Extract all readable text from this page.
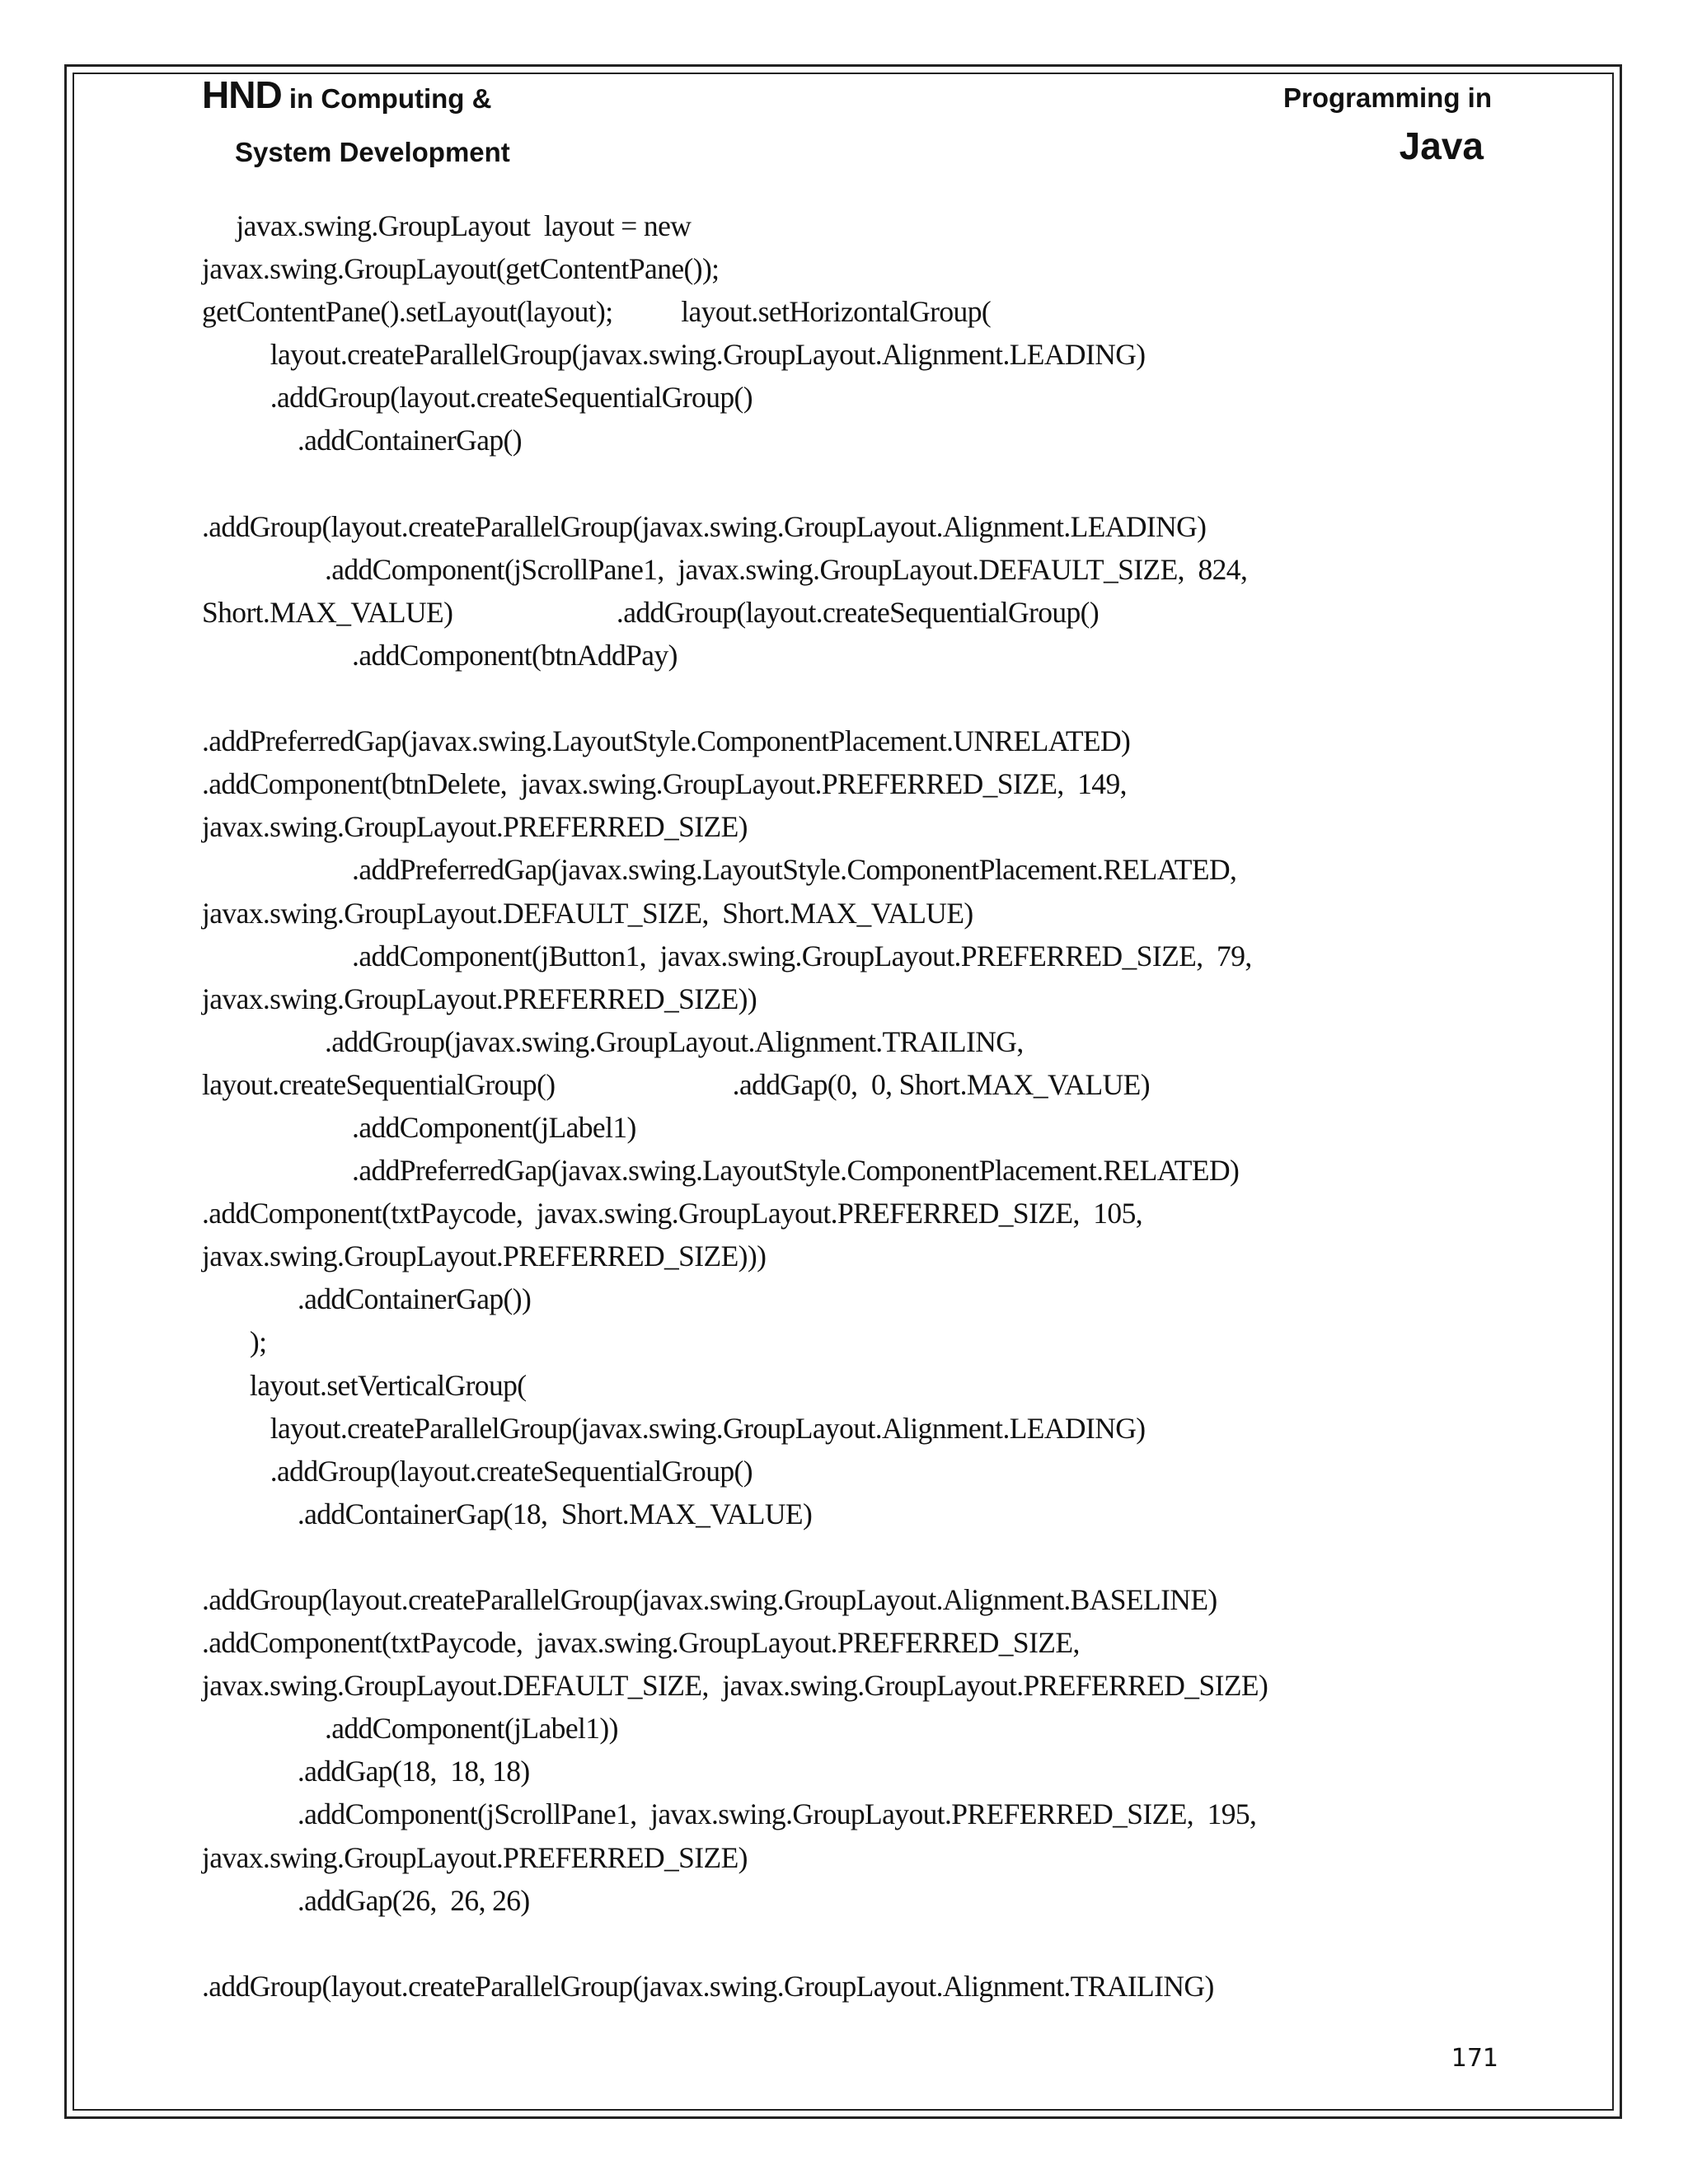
HND in Computing &
System Development
Programming in
Java
javax.swing.GroupLayout  layout = new
javax.swing.GroupLayout(getContentPane());
getContentPane().setLayout(layout);          layout.setHorizontalGroup(
layout.createParallelGroup(javax.swing.GroupLayout.Alignment.LEADING)
.addGroup(layout.createSequentialGroup()
.addContainerGap()
.addGroup(layout.createParallelGroup(javax.swing.GroupLayout.Alignment.LEADING)
.addComponent(jScrollPane1,  javax.swing.GroupLayout.DEFAULT_SIZE,  824,
Short.MAX_VALUE)                        .addGroup(layout.createSequentialGroup()
.addComponent(btnAddPay)
.addPreferredGap(javax.swing.LayoutStyle.ComponentPlacement.UNRELATED)
.addComponent(btnDelete,  javax.swing.GroupLayout.PREFERRED_SIZE,  149,
javax.swing.GroupLayout.PREFERRED_SIZE)
.addPreferredGap(javax.swing.LayoutStyle.ComponentPlacement.RELATED,
javax.swing.GroupLayout.DEFAULT_SIZE,  Short.MAX_VALUE)
.addComponent(jButton1,  javax.swing.GroupLayout.PREFERRED_SIZE,  79,
javax.swing.GroupLayout.PREFERRED_SIZE))
.addGroup(javax.swing.GroupLayout.Alignment.TRAILING,
layout.createSequentialGroup()                          .addGap(0,  0, Short.MAX_VALUE)
.addComponent(jLabel1)
.addPreferredGap(javax.swing.LayoutStyle.ComponentPlacement.RELATED)
.addComponent(txtPaycode,  javax.swing.GroupLayout.PREFERRED_SIZE,  105,
javax.swing.GroupLayout.PREFERRED_SIZE)))
.addContainerGap())
);
layout.setVerticalGroup(
layout.createParallelGroup(javax.swing.GroupLayout.Alignment.LEADING)
.addGroup(layout.createSequentialGroup()
.addContainerGap(18,  Short.MAX_VALUE)
.addGroup(layout.createParallelGroup(javax.swing.GroupLayout.Alignment.BASELINE)
.addComponent(txtPaycode,  javax.swing.GroupLayout.PREFERRED_SIZE,
javax.swing.GroupLayout.DEFAULT_SIZE,  javax.swing.GroupLayout.PREFERRED_SIZE)
.addComponent(jLabel1))
.addGap(18,  18, 18)
.addComponent(jScrollPane1,  javax.swing.GroupLayout.PREFERRED_SIZE,  195,
javax.swing.GroupLayout.PREFERRED_SIZE)
.addGap(26,  26, 26)
.addGroup(layout.createParallelGroup(javax.swing.GroupLayout.Alignment.TRAILING)
171
